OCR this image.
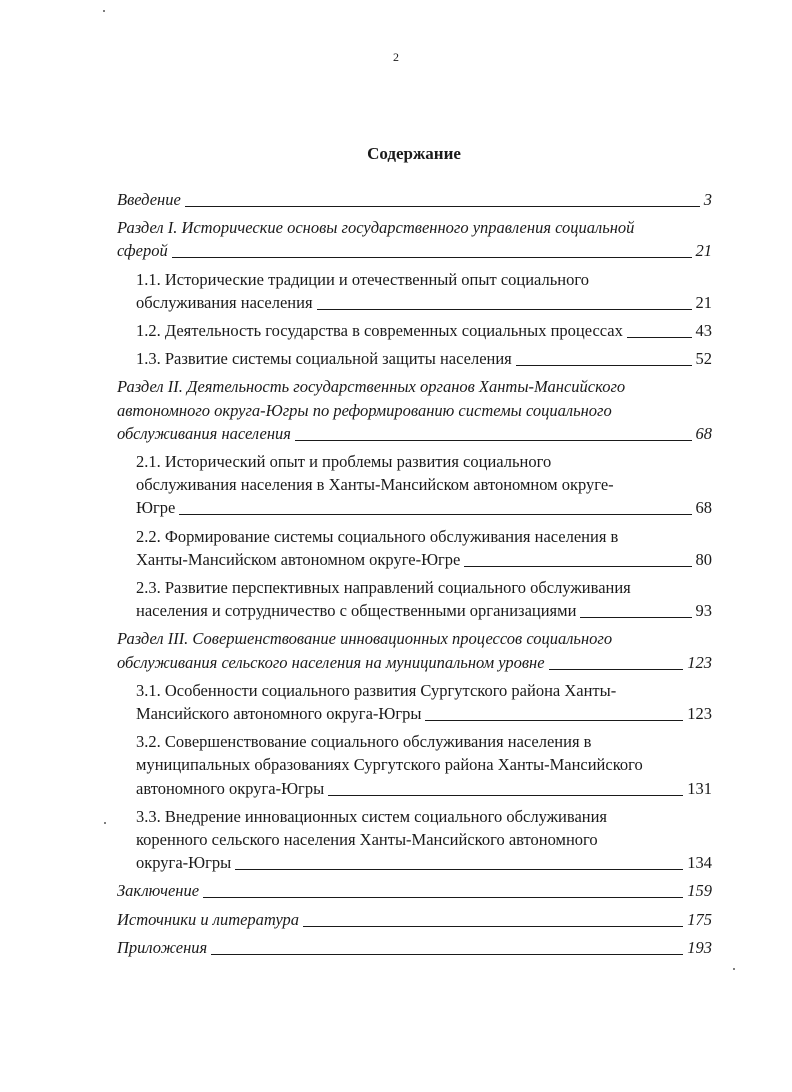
2
Содержание
Введение	3
Раздел I. Исторические основы государственного управления социальной
сферой	21
1.1. Исторические традиции и отечественный опыт социального
обслуживания населения	21
1.2. Деятельность государства в современных социальных процессах	43
1.3. Развитие системы социальной защиты населения	52
Раздел II. Деятельность государственных органов Ханты-Мансийского
автономного округа-Югры по реформированию системы социального
обслуживания населения	68
2.1. Исторический опыт и проблемы развития социального
обслуживания населения в Ханты-Мансийском автономном округе-
Югре	68
2.2. Формирование системы социального обслуживания населения в
Ханты-Мансийском автономном округе-Югре	80
2.3. Развитие перспективных направлений социального обслуживания
населения и сотрудничество с общественными организациями	93
Раздел III. Совершенствование инновационных процессов социального
обслуживания сельского населения на муниципальном уровне	123
3.1. Особенности социального развития Сургутского района Ханты-
Мансийского автономного округа-Югры	123
3.2. Совершенствование социального обслуживания населения в
муниципальных образованиях Сургутского района Ханты-Мансийского
автономного округа-Югры	131
3.3. Внедрение инновационных систем социального обслуживания
коренного сельского населения Ханты-Мансийского автономного
округа-Югры	134
Заключение	159
Источники и литература	175
Приложения	193
